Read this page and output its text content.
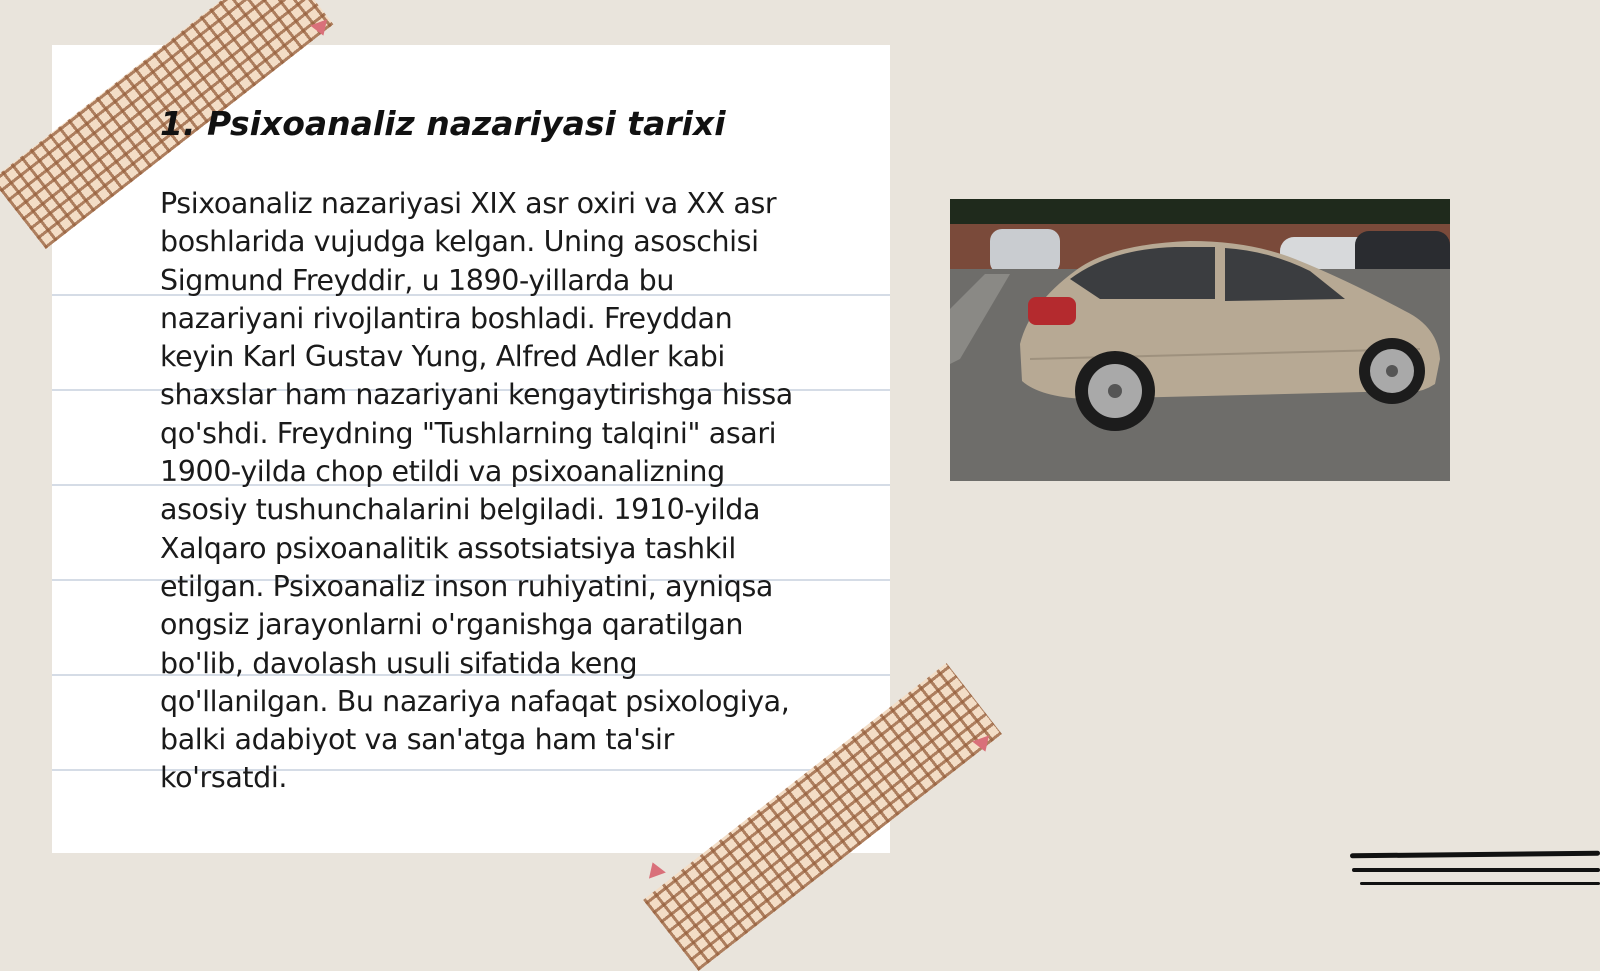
1. Psixoanaliz nazariyasi tarixi
Psixoanaliz nazariyasi XIX asr oxiri va XX asr
boshlarida vujudga kelgan. Uning asoschisi
Sigmund Freyddir, u 1890-yillarda bu
nazariyani rivojlantira boshladi. Freyddan
keyin Karl Gustav Yung, Alfred Adler kabi
shaxslar ham nazariyani kengaytirishga hissa
qo'shdi. Freydning "Tushlarning talqini" asari
1900-yilda chop etildi va psixoanalizning
asosiy tushunchalarini belgiladi. 1910-yilda
Xalqaro psixoanalitik assotsiatsiya tashkil
etilgan. Psixoanaliz inson ruhiyatini, ayniqsa
ongsiz jarayonlarni o'rganishga qaratilgan
bo'lib, davolash usuli sifatida keng
qo'llanilgan. Bu nazariya nafaqat psixologiya,
balki adabiyot va san'atga ham ta'sir
ko'rsatdi.
